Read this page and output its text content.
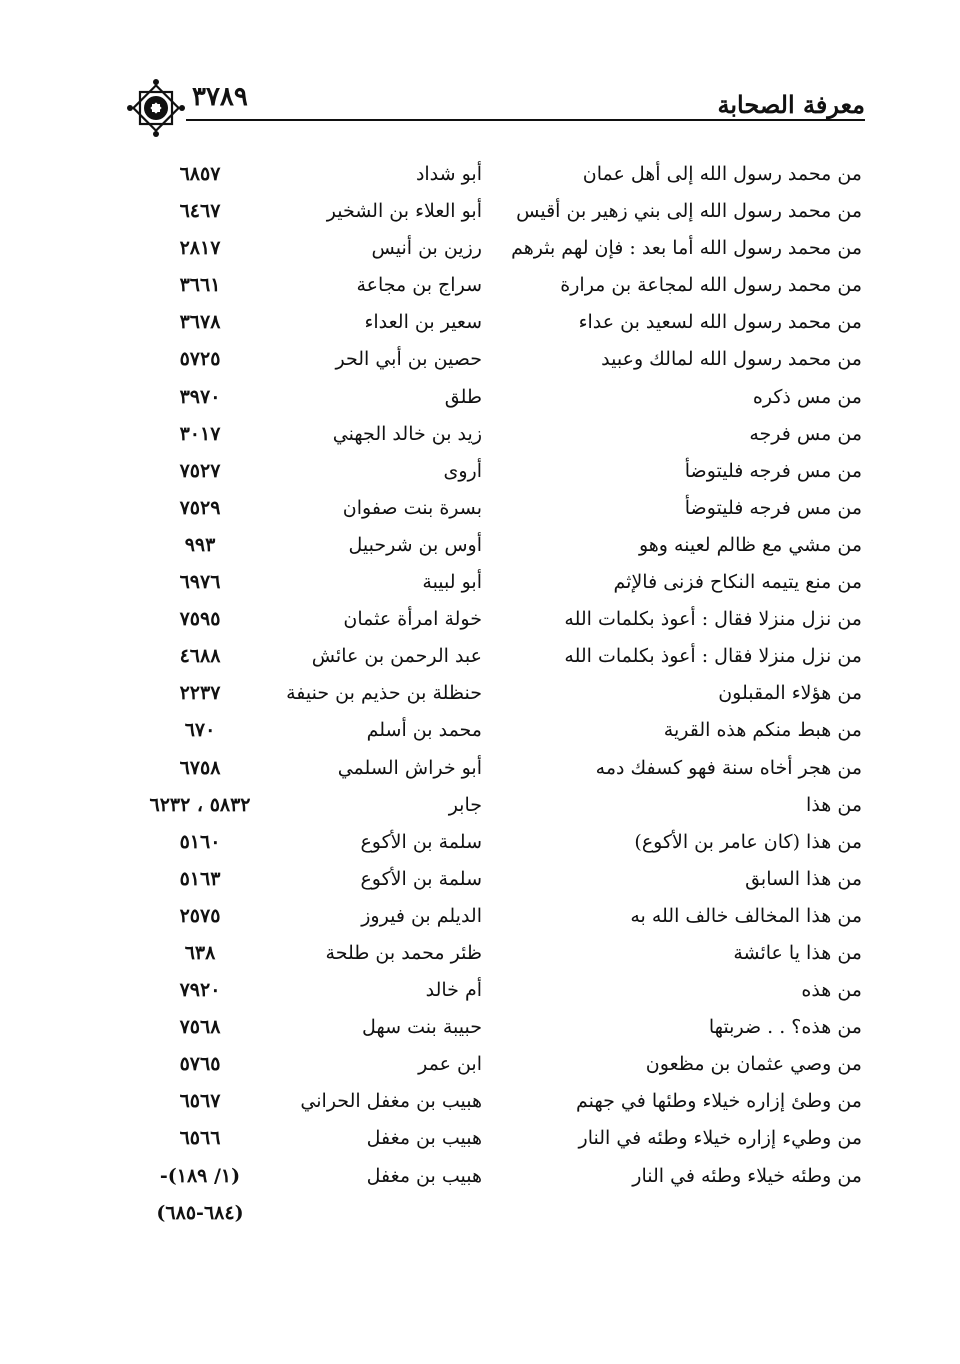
٣٧٨٩	معرفة الصحابة
من محمد رسول الله إلى أهل عمان
أبو شداد
٦٨٥٧
من محمد رسول الله إلى بني زهير بن أقيس
أبو العلاء بن الشخير
٦٤٦٧
من محمد رسول الله أما بعد : فإن لهم بثرهم
رزين بن أنيس
٢٨١٧
من محمد رسول الله لمجاعة بن مرارة
سراج بن مجاعة
٣٦٦١
من محمد رسول الله لسعيد بن عداء
سعير بن العداء
٣٦٧٨
من محمد رسول الله لمالك وعبيد
حصين بن أبي الحر
٥٧٢٥
من مس ذكره
طلق
٣٩٧٠
من مس فرجه
زيد بن خالد الجهني
٣٠١٧
من مس فرجه فليتوضأ
أروى
٧٥٢٧
من مس فرجه فليتوضأ
بسرة بنت صفوان
٧٥٢٩
من مشي مع ظالم لعينه وهو
أوس بن شرحبيل
٩٩٣
من منع يتيمه النكاح فزنى فالإثم
أبو لبيبة
٦٩٧٦
من نزل منزلا فقال : أعوذ بكلمات الله
خولة امرأة عثمان
٧٥٩٥
من نزل منزلا فقال : أعوذ بكلمات الله
عبد الرحمن بن عائش
٤٦٨٨
من هؤلاء المقبلون
حنظلة بن حذيم بن حنيفة
٢٢٣٧
من هبط منكم هذه القرية
محمد بن أسلم
٦٧٠
من هجر أخاه سنة فهو كسفك دمه
أبو خراش السلمي
٦٧٥٨
من هذا
جابر
٥٨٣٢ ، ٦٢٣٢
من هذا (كان عامر بن الأكوع)
سلمة بن الأكوع
٥١٦٠
من هذا السابق
سلمة بن الأكوع
٥١٦٣
من هذا المخالف خالف الله به
الديلم بن فيروز
٢٥٧٥
من هذا يا عائشة
ظئر محمد بن طلحة
٦٣٨
من هذه
أم خالد
٧٩٢٠
من هذه؟ . . ضربتها
حبيبة بنت سهل
٧٥٦٨
من وصي عثمان بن مظعون
ابن عمر
٥٧٦٥
من وطئ إزاره خيلاء وطئها في جهنم
هبيب بن مغفل الحراني
٦٥٦٧
من وطيء إزاره خيلاء وطئه في النار
هبيب بن مغفل
٦٥٦٦
من وطئه خيلاء وطئه في النار
هبيب بن مغفل
(١/ ١٨٩)-
(٦٨٤-٦٨٥)
